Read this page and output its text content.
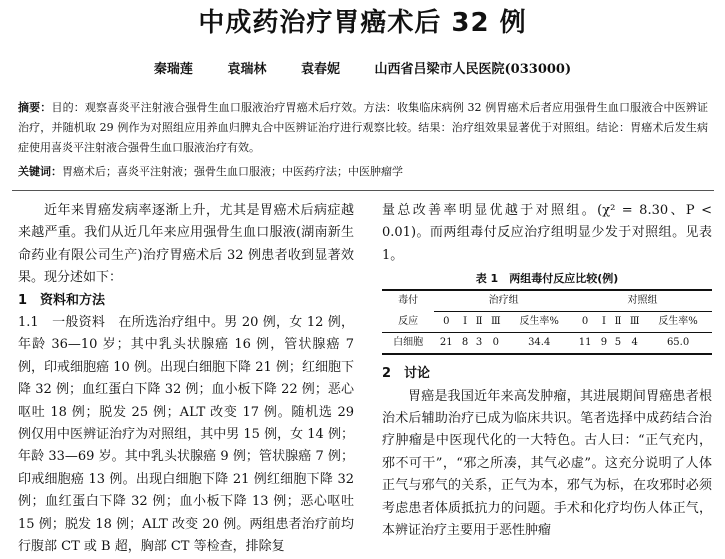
中成药治疗胃癌术后 32 例
秦瑞莲	袁瑞林	袁春妮	山西省吕梁市人民医院(033000)
摘要：目的：观察喜炎平注射液合强骨生血口服液治疗胃癌术后疗效。方法：收集临床病例 32 例胃癌术后者应用强骨生血口服液合中医辨证治疗，并随机取 29 例作为对照组应用养血归脾丸合中医辨证治疗进行观察比较。结果：治疗组效果显著优于对照组。结论：胃癌术后发生病症使用喜炎平注射液合强骨生血口服液治疗有效。
关键词：胃癌术后；喜炎平注射液；强骨生血口服液；中医药疗法；中医肿瘤学

近年来胃癌发病率逐渐上升，尤其是胃癌术后病症越来越严重。我们从近几年来应用强骨生血口服液(湖南新生命药业有限公司生产)治疗胃癌术后 32 例患者收到显著效果。现分述如下：

1　资料和方法

1.1　一般资料　在所选治疗组中。男 20 例，女 12 例，年龄 36—10 岁；其中乳头状腺癌 16 例，管状腺癌 7 例，印戒细胞癌 10 例。出现白细胞下降 21 例；红细胞下降 32 例；血红蛋白下降 32 例；血小板下降 22 例；恶心呕吐 18 例；脱发 25 例；ALT 改变 17 例。随机选 29 例仅用中医辨证治疗为对照组，其中男 15 例，女 14 例；年龄 33—69 岁。其中乳头状腺癌 9 例；管状腺癌 7 例；印戒细胞癌 13 例。出现白细胞下降 21 例红细胞下降 32 例；血红蛋白下降 32 例；血小板下降 13 例；恶心呕吐 15 例；脱发 18 例；ALT 改变 20 例。两组患者治疗前均行腹部 CT 或 B 超，胸部 CT 等检查，排除复

量总改善率明显优越于对照组。(χ² = 8.30、P < 0.01)。而两组毒付反应治疗组明显少发于对照组。见表 1。

表 1　两组毒付反应比较(例)
毒付	治疗组					对照组				
反应	0	Ⅰ	Ⅱ	Ⅲ	反生率%	0	Ⅰ	Ⅱ	Ⅲ	反生率%
白细胞	21	8	3	0	34.4	11	9	5	4	65.0

2　讨论

胃癌是我国近年来高发肿瘤，其进展期间胃癌患者根治术后辅助治疗已成为临床共识。笔者选择中成药结合治疗肿瘤是中医现代化的一大特色。古人曰：“正气充内，邪不可干”，“邪之所凑，其气必虚”。这充分说明了人体正气与邪气的关系，正气为本，邪气为标，在攻邪时必须考虑患者体质抵抗力的问题。手术和化疗均伤人体正气，本辨证治疗主要用于恶性肿瘤
